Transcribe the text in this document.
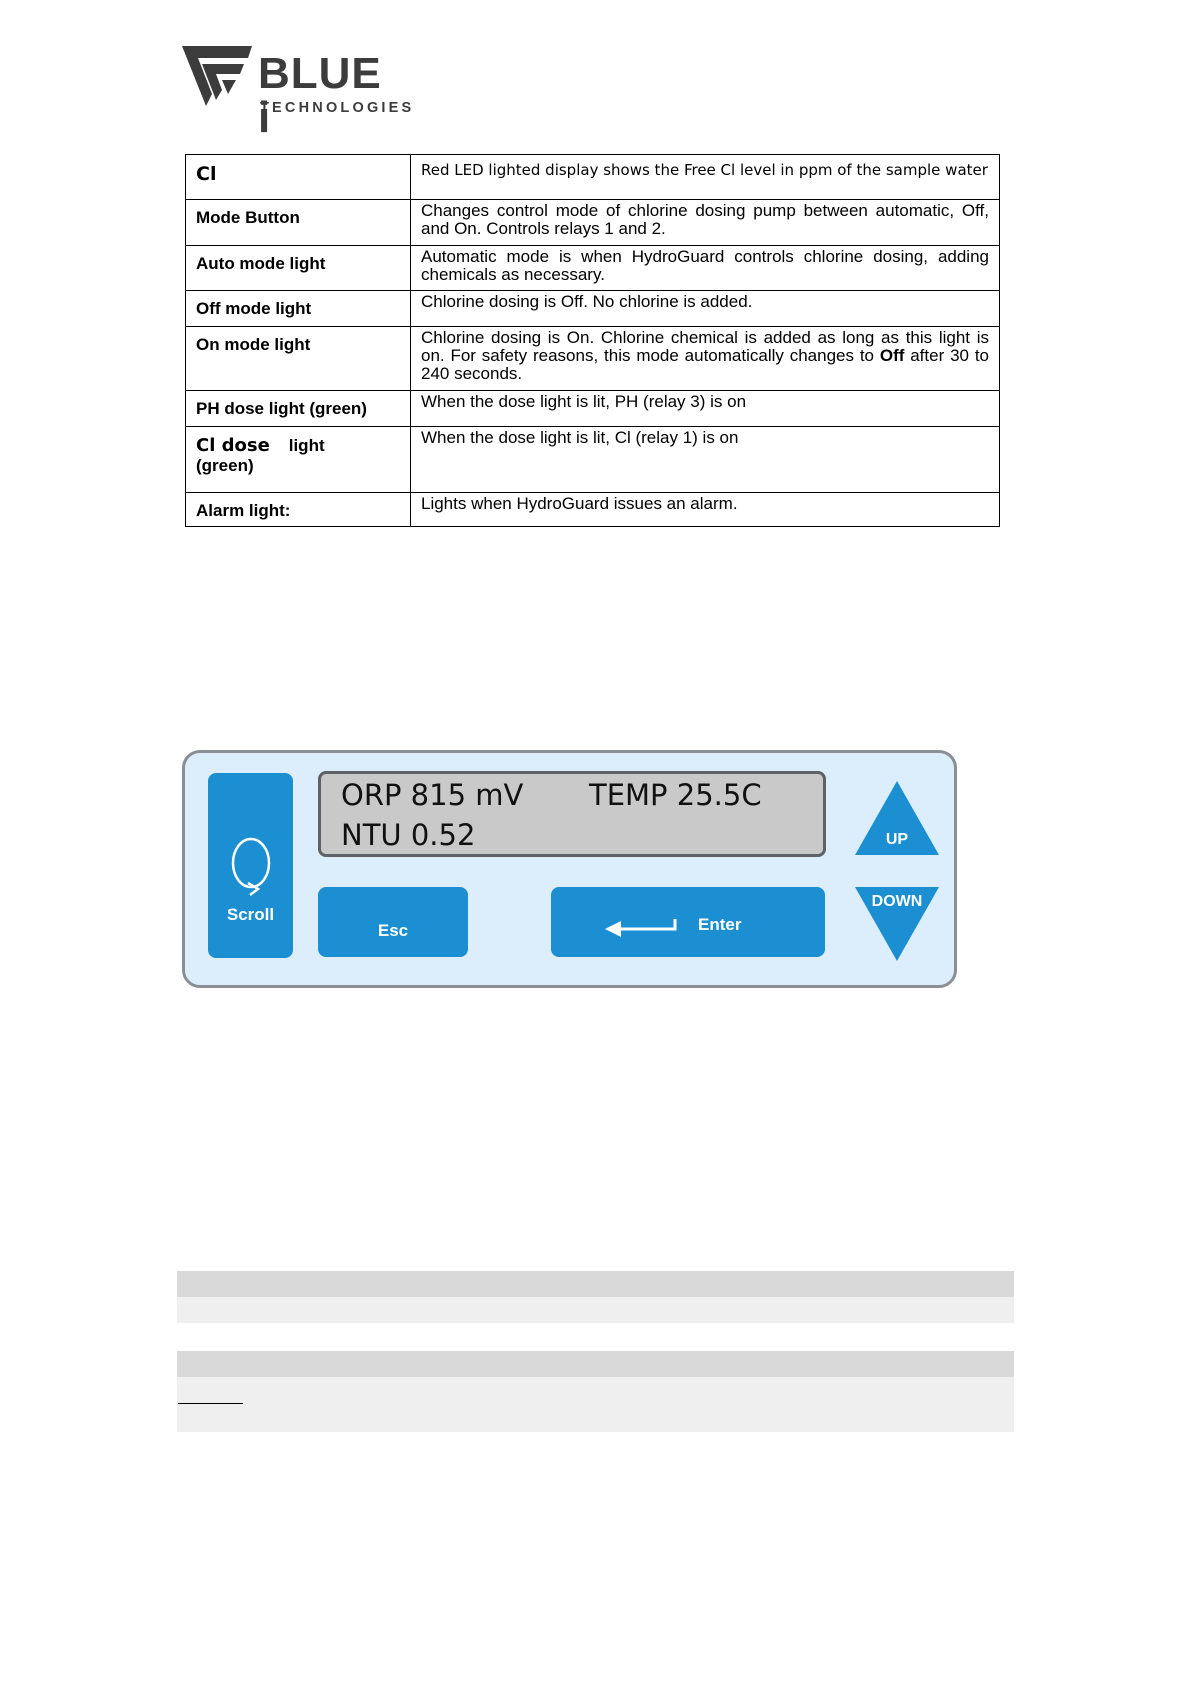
BLUE i
TECHNOLOGIES
Cl	Red LED lighted display shows the Free Cl level in ppm of the sample water
Mode Button	Changes control mode of chlorine dosing pump between automatic, Off, and On. Controls relays 1 and 2.
Auto mode light	Automatic mode is when HydroGuard controls chlorine dosing, adding chemicals as necessary.
Off mode light	Chlorine dosing is Off. No chlorine is added.
On mode light	Chlorine dosing is On. Chlorine chemical is added as long as this light is on. For safety reasons, this mode automatically changes to Off after 30 to 240 seconds.
PH dose light (green)	When the dose light is lit, PH (relay 3) is on
Cl dose light
(green)	When the dose light is lit, Cl (relay 1) is on
Alarm light:	Lights when HydroGuard issues an alarm.
Scroll
ORP 815 mV TEMP 25.5C
NTU 0.52
Esc	Enter
UP
DOWN
